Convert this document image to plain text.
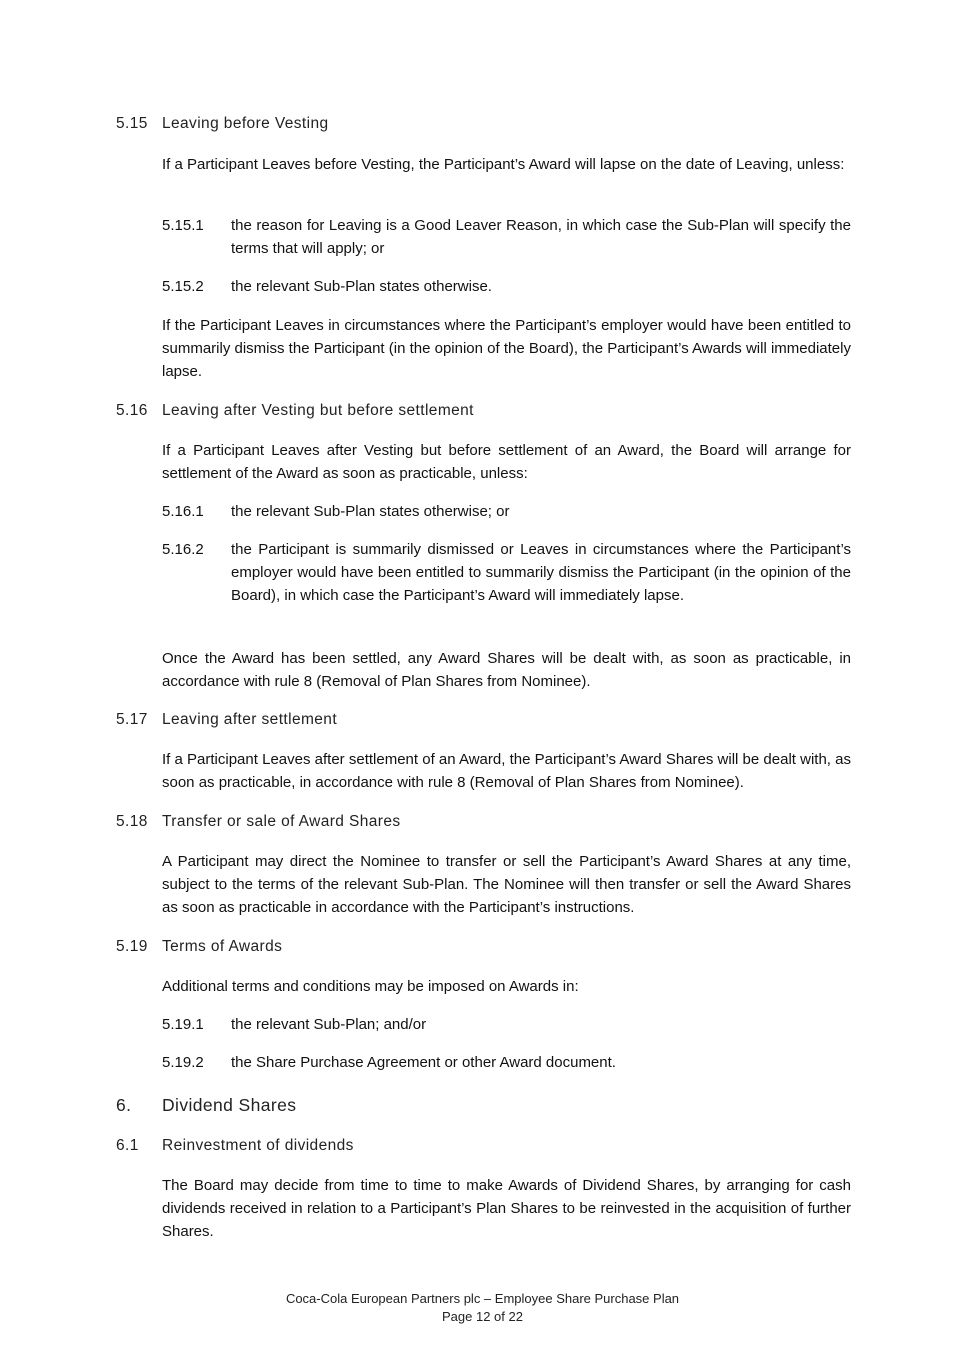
5.15 Leaving before Vesting
If a Participant Leaves before Vesting, the Participant’s Award will lapse on the date of Leaving, unless:
5.15.1 the reason for Leaving is a Good Leaver Reason, in which case the Sub-Plan will specify the terms that will apply; or
5.15.2 the relevant Sub-Plan states otherwise.
If the Participant Leaves in circumstances where the Participant’s employer would have been entitled to summarily dismiss the Participant (in the opinion of the Board), the Participant’s Awards will immediately lapse.
5.16 Leaving after Vesting but before settlement
If a Participant Leaves after Vesting but before settlement of an Award, the Board will arrange for settlement of the Award as soon as practicable, unless:
5.16.1 the relevant Sub-Plan states otherwise; or
5.16.2 the Participant is summarily dismissed or Leaves in circumstances where the Participant’s employer would have been entitled to summarily dismiss the Participant (in the opinion of the Board), in which case the Participant’s Award will immediately lapse.
Once the Award has been settled, any Award Shares will be dealt with, as soon as practicable, in accordance with rule 8 (Removal of Plan Shares from Nominee).
5.17 Leaving after settlement
If a Participant Leaves after settlement of an Award, the Participant’s Award Shares will be dealt with, as soon as practicable, in accordance with rule 8 (Removal of Plan Shares from Nominee).
5.18 Transfer or sale of Award Shares
A Participant may direct the Nominee to transfer or sell the Participant’s Award Shares at any time, subject to the terms of the relevant Sub-Plan. The Nominee will then transfer or sell the Award Shares as soon as practicable in accordance with the Participant’s instructions.
5.19 Terms of Awards
Additional terms and conditions may be imposed on Awards in:
5.19.1 the relevant Sub-Plan; and/or
5.19.2 the Share Purchase Agreement or other Award document.
6. Dividend Shares
6.1 Reinvestment of dividends
The Board may decide from time to time to make Awards of Dividend Shares, by arranging for cash dividends received in relation to a Participant’s Plan Shares to be reinvested in the acquisition of further Shares.
Coca-Cola European Partners plc – Employee Share Purchase Plan
Page 12 of 22
